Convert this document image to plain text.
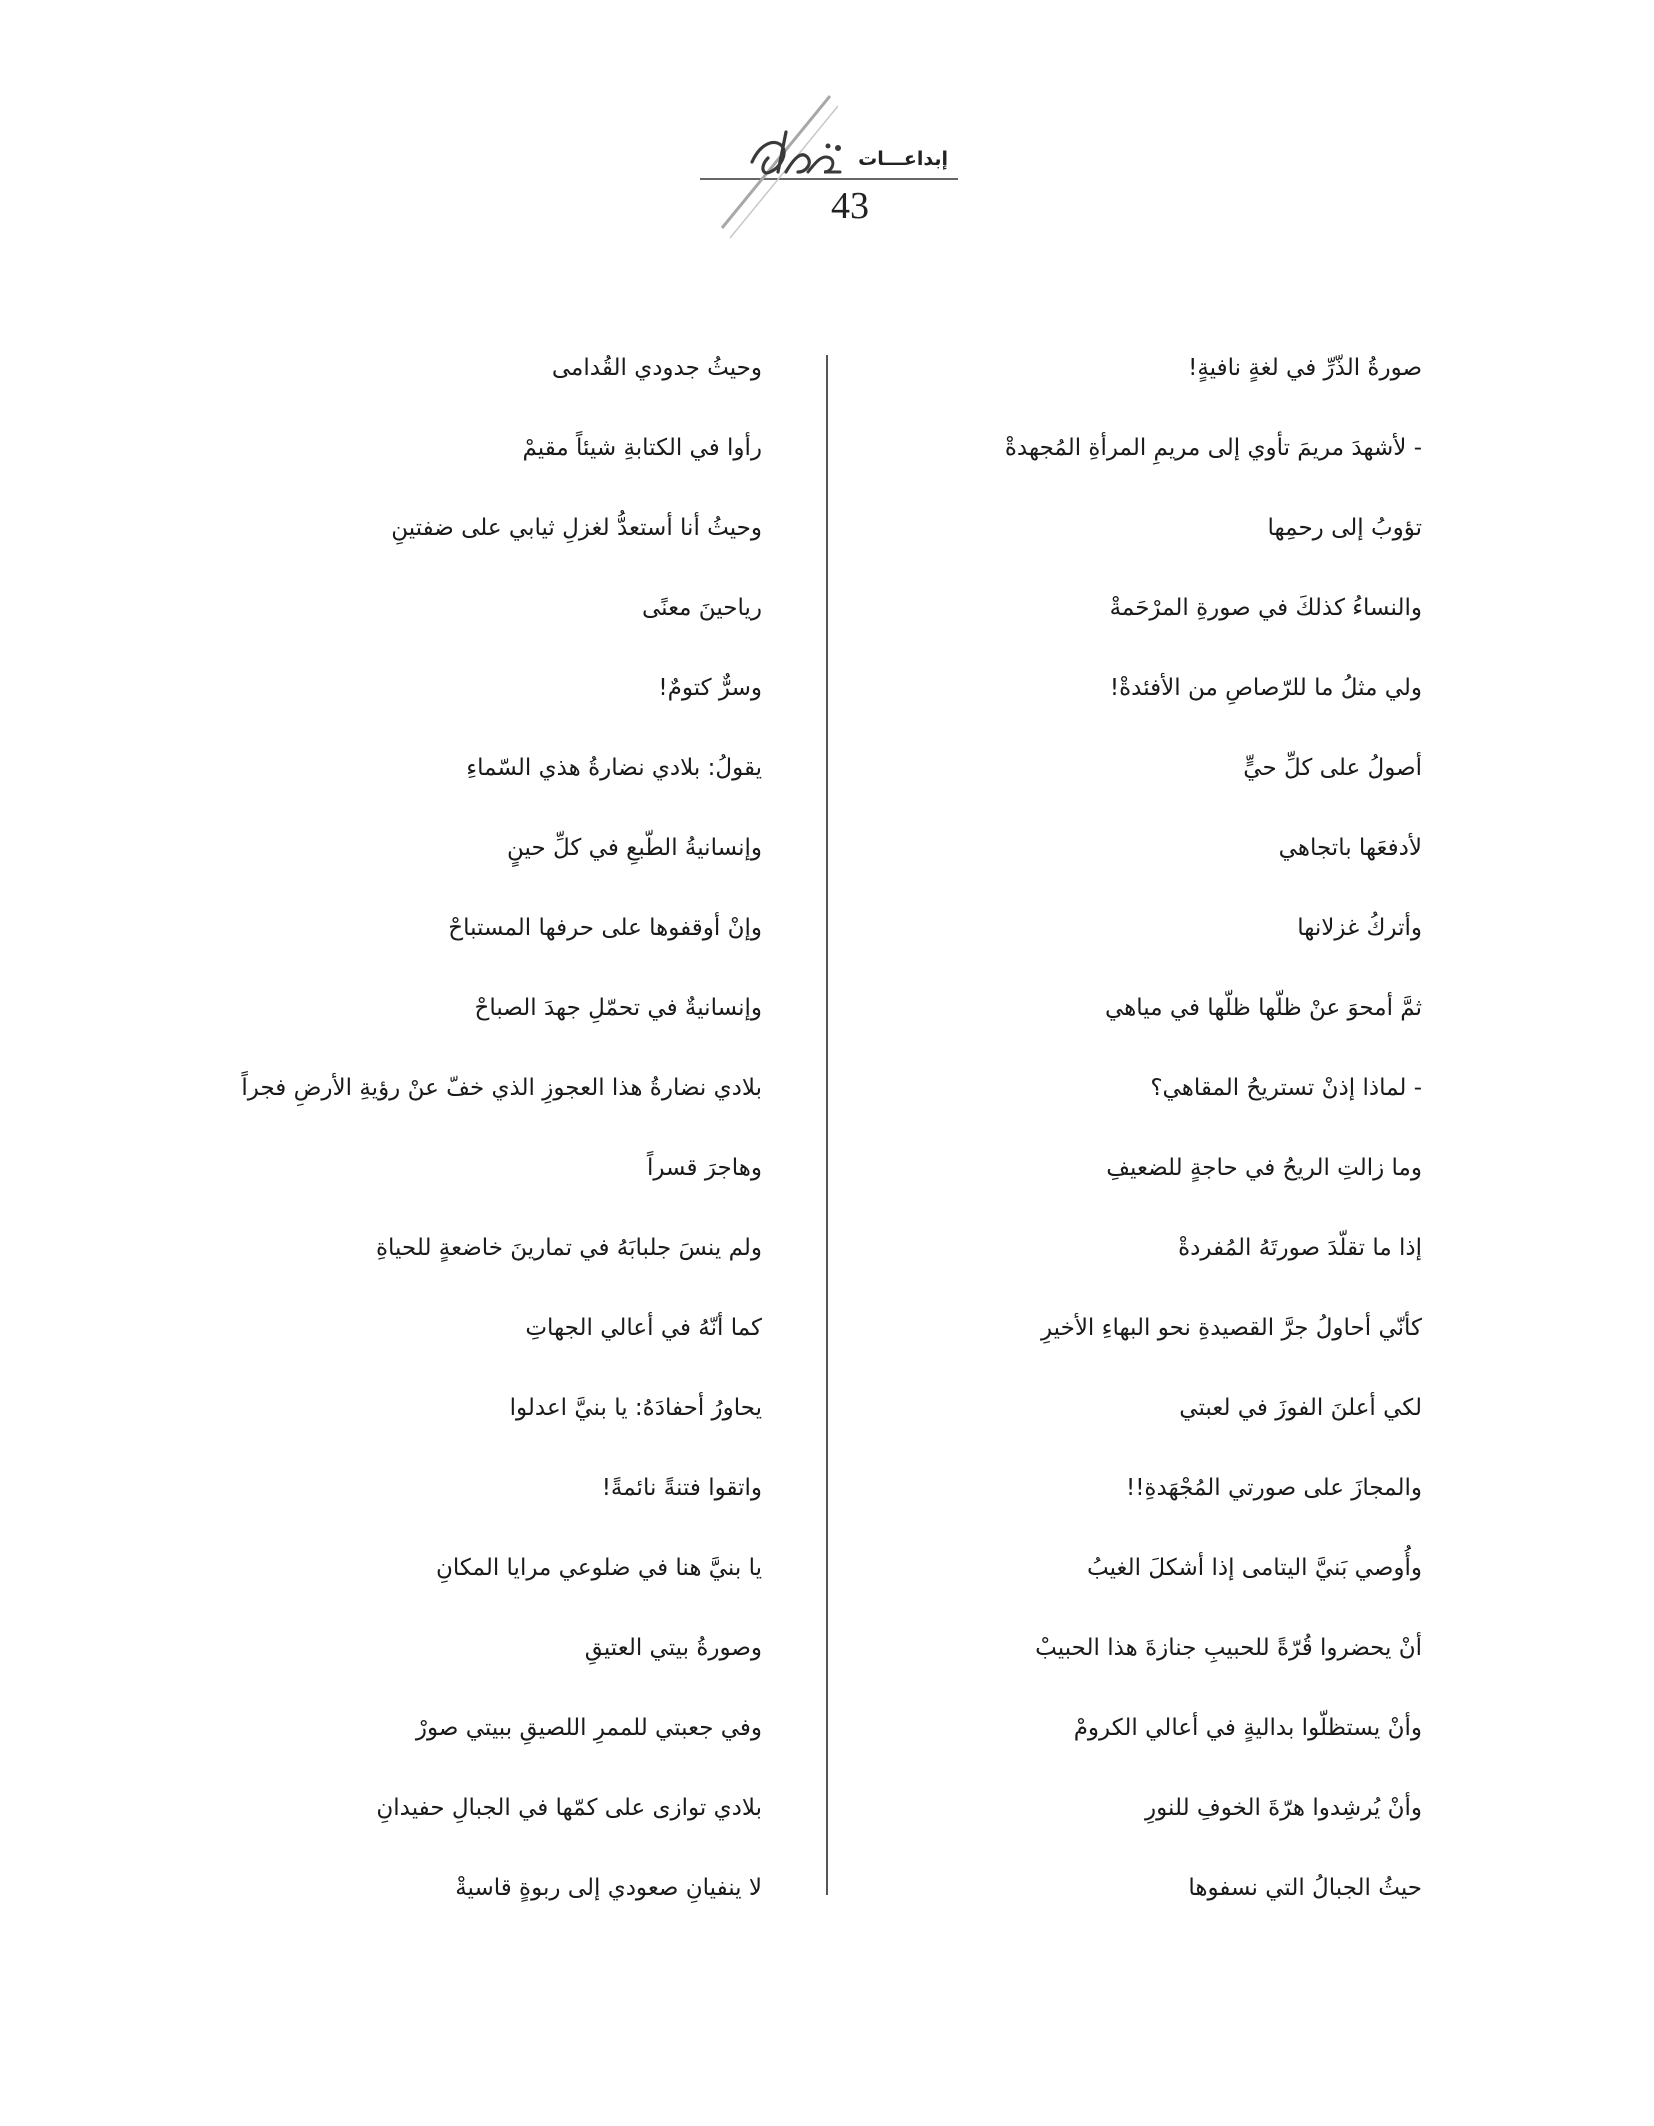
إبداعـــات
43
صورةُ الذّرِّ في لغةٍ نافيةٍ!
- لأشهدَ مريمَ تأوي إلى مريمِ المرأةِ المُجهدةْ
تؤوبُ إلى رحمِها
والنساءُ كذلكَ في صورةِ المرْحَمةْ
ولي مثلُ ما للرّصاصِ من الأفئدةْ!
أصولُ على كلِّ حيٍّ
لأدفعَها باتجاهي
وأتركُ غزلانها
ثمَّ أمحوَ عنْ ظلّها ظلّها في مياهي
- لماذا إذنْ تستريحُ المقاهي؟
وما زالتِ الريحُ في حاجةٍ للضعيفِ
إذا ما تقلّدَ صورتَهُ المُفردةْ
كأنّي أحاولُ جرَّ القصيدةِ نحو البهاءِ الأخيرِ
لكي أعلنَ الفوزَ في لعبتي
والمجازَ على صورتي المُجْهَدةِ!!
وأُوصي بَنيَّ اليتامى إذا أشكلَ الغيبُ
أنْ يحضروا قُرّةً للحبيبِ جنازةَ هذا الحبيبْ
وأنْ يستظلّوا بداليةٍ في أعالي الكرومْ
وأنْ يُرشِدوا هرّةَ الخوفِ للنورِ
حيثُ الجبالُ التي نسفوها
وحيثُ جدودي القُدامى
رأوا في الكتابةِ شيئاً مقيمْ
وحيثُ أنا أستعدُّ لغزلِ ثيابي على ضفتينِ
رياحينَ معنًى
وسرٌّ كتومٌ!
يقولُ: بلادي نضارةُ هذي السّماءِ
وإنسانيةُ الطّبعِ في كلِّ حينٍ
وإنْ أوقفوها على حرفها المستباحْ
وإنسانيةٌ في تحمّلِ جهدَ الصباحْ
بلادي نضارةُ هذا العجوزِ الذي خفّ عنْ رؤيةِ الأرضِ فجراً
وهاجرَ قسراً
ولم ينسَ جلبابَهُ في تمارينَ خاضعةٍ للحياةِ
كما أنّهُ في أعالي الجهاتِ
يحاورُ أحفادَهُ: يا بنيَّ اعدلوا
واتقوا فتنةً نائمةً!
يا بنيَّ هنا في ضلوعي مرايا المكانِ
وصورةُ بيتي العتيقِ
وفي جعبتي للممرِ اللصيقِ ببيتي صورْ
بلادي توازى على كمّها في الجبالِ حفيدانِ
لا ينفيانِ صعودي إلى ربوةٍ قاسيةْ
